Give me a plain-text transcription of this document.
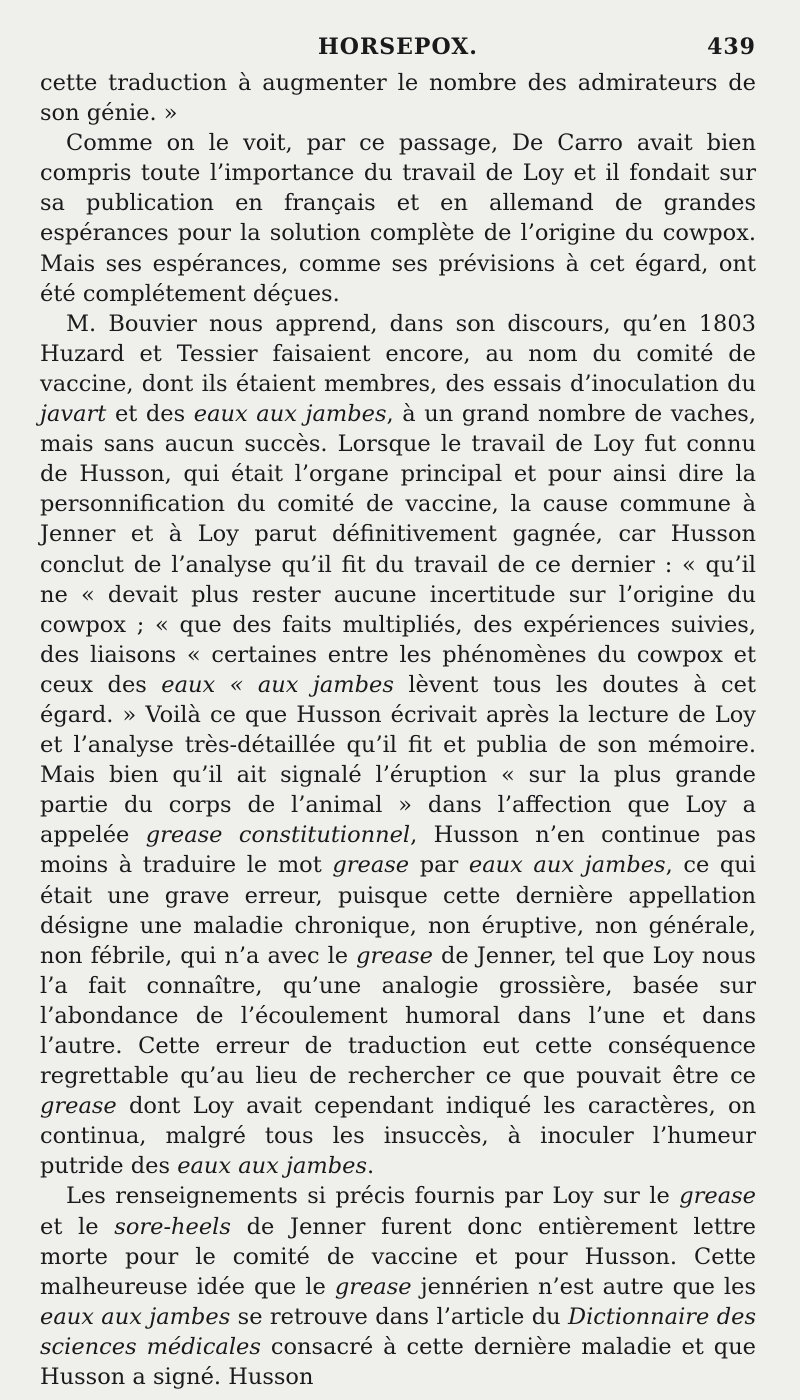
HORSEPOX.	439

cette traduction à augmenter le nombre des admirateurs de son génie. »

Comme on le voit, par ce passage, De Carro avait bien compris toute l’importance du travail de Loy et il fondait sur sa publication en français et en allemand de grandes espérances pour la solution complète de l’origine du cowpox. Mais ses espérances, comme ses prévisions à cet égard, ont été complétement déçues.

M. Bouvier nous apprend, dans son discours, qu’en 1803 Huzard et Tessier faisaient encore, au nom du comité de vaccine, dont ils étaient membres, des essais d’inoculation du javart et des eaux aux jambes, à un grand nombre de vaches, mais sans aucun succès. Lorsque le travail de Loy fut connu de Husson, qui était l’organe principal et pour ainsi dire la personnification du comité de vaccine, la cause commune à Jenner et à Loy parut définitivement gagnée, car Husson conclut de l’analyse qu’il fit du travail de ce dernier : « qu’il ne « devait plus rester aucune incertitude sur l’origine du cowpox ; « que des faits multipliés, des expériences suivies, des liaisons « certaines entre les phénomènes du cowpox et ceux des eaux « aux jambes lèvent tous les doutes à cet égard. » Voilà ce que Husson écrivait après la lecture de Loy et l’analyse très-détaillée qu’il fit et publia de son mémoire. Mais bien qu’il ait signalé l’éruption « sur la plus grande partie du corps de l’animal » dans l’affection que Loy a appelée grease constitutionnel, Husson n’en continue pas moins à traduire le mot grease par eaux aux jambes, ce qui était une grave erreur, puisque cette dernière appellation désigne une maladie chronique, non éruptive, non générale, non fébrile, qui n’a avec le grease de Jenner, tel que Loy nous l’a fait connaître, qu’une analogie grossière, basée sur l’abondance de l’écoulement humoral dans l’une et dans l’autre. Cette erreur de traduction eut cette conséquence regrettable qu’au lieu de rechercher ce que pouvait être ce grease dont Loy avait cependant indiqué les caractères, on continua, malgré tous les insuccès, à inoculer l’humeur putride des eaux aux jambes.

Les renseignements si précis fournis par Loy sur le grease et le sore-heels de Jenner furent donc entièrement lettre morte pour le comité de vaccine et pour Husson. Cette malheureuse idée que le grease jennérien n’est autre que les eaux aux jambes se retrouve dans l’article du Dictionnaire des sciences médicales consacré à cette dernière maladie et que Husson a signé. Husson
